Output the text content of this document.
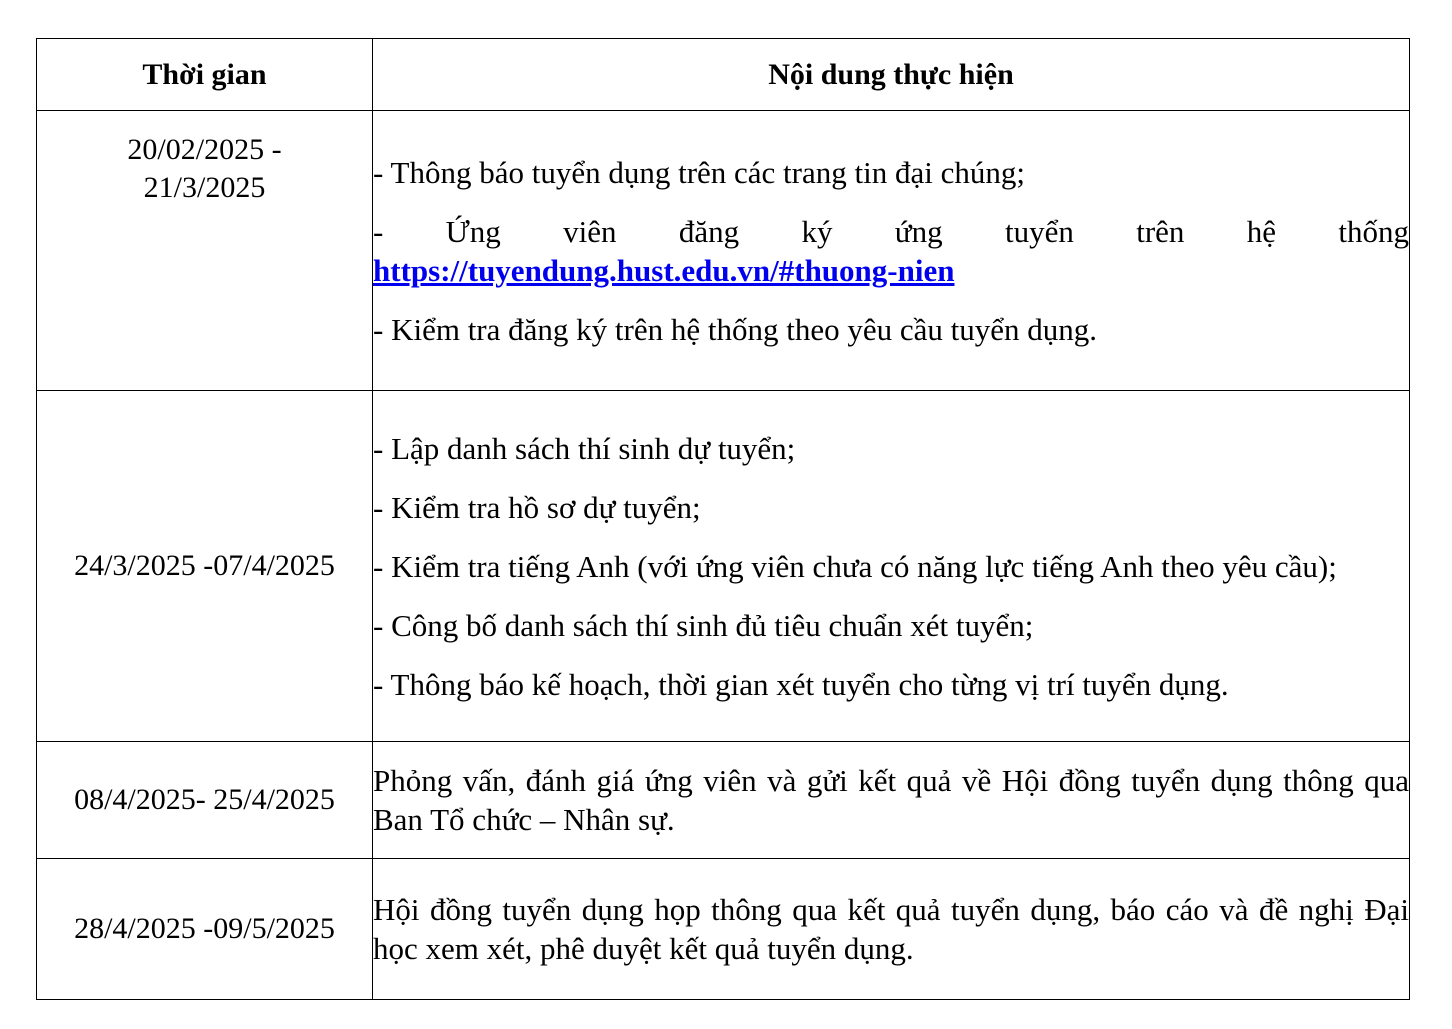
Thời gian	Nội dung thực hiện

20/02/2025 -
21/3/2025	- Thông báo tuyển dụng trên các trang tin đại chúng;

- Ứng viên đăng ký ứng tuyển trên hệ thống
https://tuyendung.hust.edu.vn/#thuong-nien

- Kiểm tra đăng ký trên hệ thống theo yêu cầu tuyển dụng.

24/3/2025 -07/4/2025	- Lập danh sách thí sinh dự tuyển;

- Kiểm tra hồ sơ dự tuyển;

- Kiểm tra tiếng Anh (với ứng viên chưa có năng lực tiếng Anh theo yêu cầu);

- Công bố danh sách thí sinh đủ tiêu chuẩn xét tuyển;

- Thông báo kế hoạch, thời gian xét tuyển cho từng vị trí tuyển dụng.

08/4/2025- 25/4/2025	Phỏng vấn, đánh giá ứng viên và gửi kết quả về Hội đồng tuyển dụng thông qua Ban Tổ chức – Nhân sự.

28/4/2025 -09/5/2025	Hội đồng tuyển dụng họp thông qua kết quả tuyển dụng, báo cáo và đề nghị Đại học xem xét, phê duyệt kết quả tuyển dụng.
